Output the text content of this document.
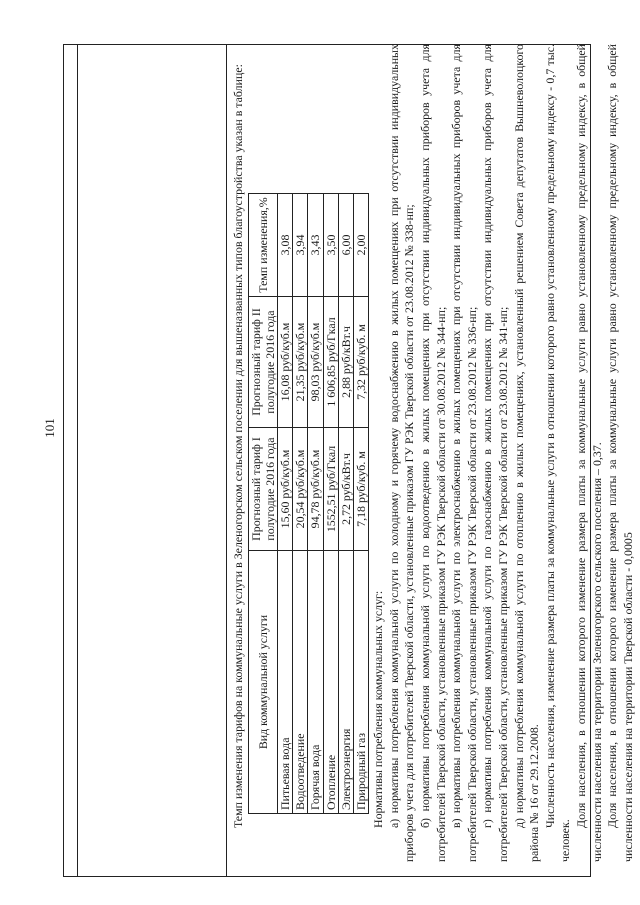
101	Темп изменения тарифов на коммунальные услуги в Зеленогорском сельском поселении для вышеназванных типов благоустройства указан в таблице: Вид коммунальной услуги	Прогнозный тариф I полугодие 2016 года	Прогнозный тариф II полугодие 2016 года	Темп изменения,%
Питьевая вода	15,60 руб/куб.м	16,08 руб/куб.м	3,08
Водоотведение	20,54 руб/куб.м	21,35 руб/куб.м	3,94
Горячая вода	94,78 руб/куб.м	98,03 руб/куб.м	3,43
Отопление	1552,51 руб/Гкал	1 606,85 руб/Гкал	3,50
Электроэнергия	2,72 руб/кВт.ч	2,88 руб/кВт.ч	6,00
Природный газ	7,18 руб/куб. м	7,32 руб/куб. м	2,00

Нормативы потребления коммунальных услуг: а) нормативы потребления коммунальной услуги по холодному и горячему водоснабжению в жилых помещениях при отсутствии индивидуальных приборов учета для потребителей Тверской области, установленные приказом ГУ РЭК Тверской области от 23.08.2012 № 338-нп; б) нормативы потребления коммунальной услуги по водоотведению в жилых помещениях при отсутствии индивидуальных приборов учета для потребителей Тверской области, установленные приказом ГУ РЭК Тверской области от 30.08.2012 № 344-нп; в) нормативы потребления коммунальной услуги по электроснабжению в жилых помещениях при отсутствии индивидуальных приборов учета для потребителей Тверской области, установленные приказом ГУ РЭК Тверской области от 23.08.2012 № 336-нп; г) нормативы потребления коммунальной услуги по газоснабжению в жилых помещениях при отсутствии индивидуальных приборов учета для потребителей Тверской области, установленные приказом ГУ РЭК Тверской области от 23.08.2012 № 341-нп; д) нормативы потребления коммунальной услуги по отоплению в жилых помещениях, установленный решением Совета депутатов Вышневолоцкого района № 16 от 29.12.2008. Численность населения, изменение размера платы за коммунальные услуги в отношении которого равно установленному предельному индексу - 0,7 тыс. человек.

Доля населения, в отношении которого изменение размера платы за коммунальные услуги равно установленному предельному индексу, в общей численности населения на территории Зеленогорского сельского поселения – 0,37. Доля населения, в отношении которого изменение размера платы за коммунальные услуги равно установленному предельному индексу, в общей численности населения на территории Тверской области - 0,0005
